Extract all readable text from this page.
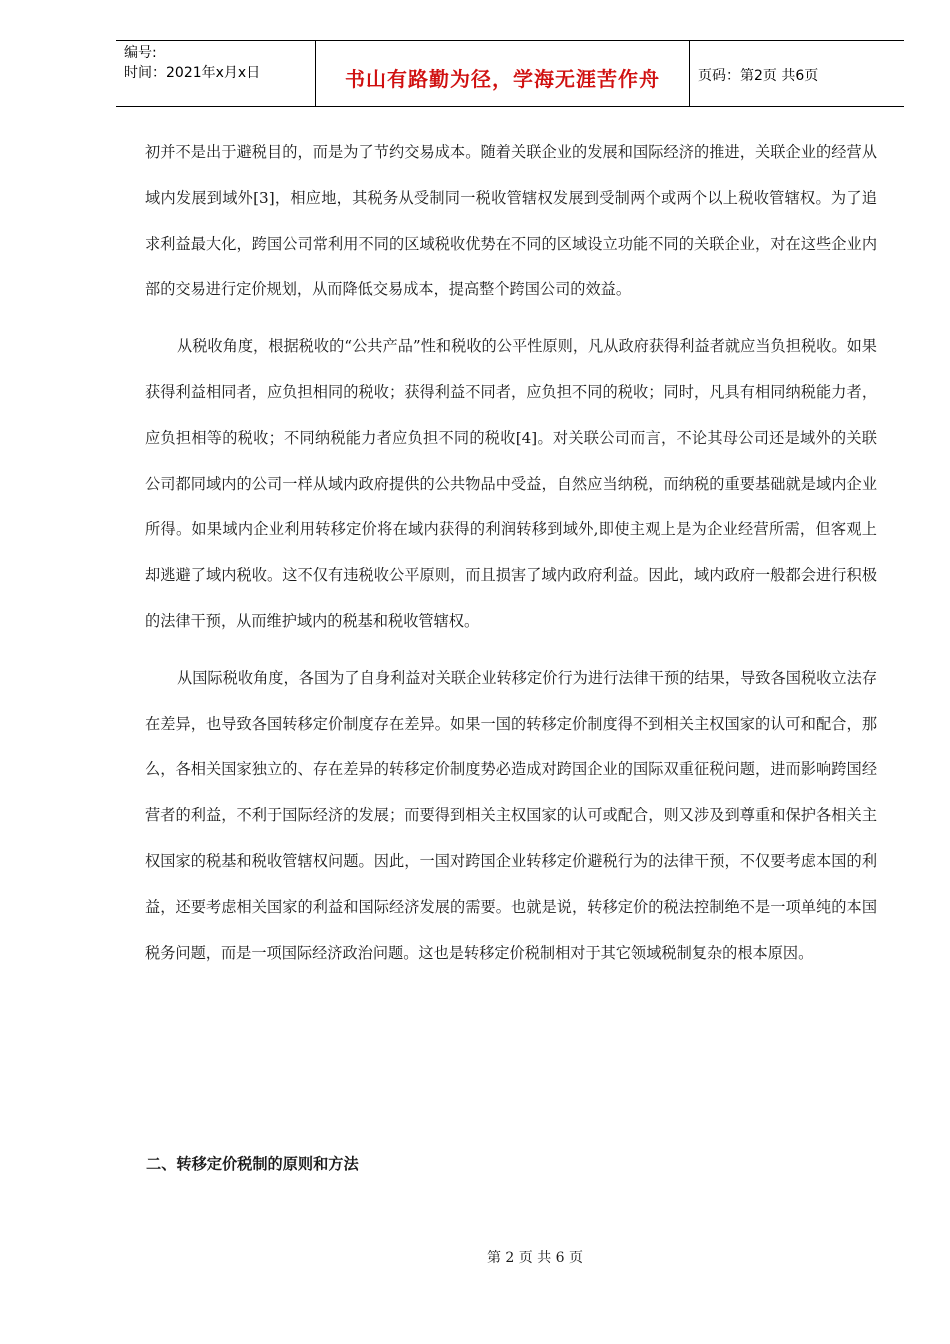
编号:
时间：2021年x月x日	书山有路勤为径，学海无涯苦作舟	页码：第2页 共6页

初并不是出于避税目的，而是为了节约交易成本。随着关联企业的发展和国际经济的推进，关联企业的经营从域内发展到域外[3]，相应地，其税务从受制同一税收管辖权发展到受制两个或两个以上税收管辖权。为了追求利益最大化，跨国公司常利用不同的区域税收优势在不同的区域设立功能不同的关联企业，对在这些企业内部的交易进行定价规划，从而降低交易成本，提高整个跨国公司的效益。

从税收角度，根据税收的“公共产品”性和税收的公平性原则，凡从政府获得利益者就应当负担税收。如果获得利益相同者，应负担相同的税收；获得利益不同者，应负担不同的税收；同时，凡具有相同纳税能力者，应负担相等的税收；不同纳税能力者应负担不同的税收[4]。对关联公司而言，不论其母公司还是域外的关联公司都同域内的公司一样从域内政府提供的公共物品中受益，自然应当纳税，而纳税的重要基础就是域内企业所得。如果域内企业利用转移定价将在域内获得的利润转移到域外,即使主观上是为企业经营所需，但客观上却逃避了域内税收。这不仅有违税收公平原则，而且损害了域内政府利益。因此，域内政府一般都会进行积极的法律干预，从而维护域内的税基和税收管辖权。

从国际税收角度，各国为了自身利益对关联企业转移定价行为进行法律干预的结果，导致各国税收立法存在差异，也导致各国转移定价制度存在差异。如果一国的转移定价制度得不到相关主权国家的认可和配合，那么，各相关国家独立的、存在差异的转移定价制度势必造成对跨国企业的国际双重征税问题，进而影响跨国经营者的利益，不利于国际经济的发展；而要得到相关主权国家的认可或配合，则又涉及到尊重和保护各相关主权国家的税基和税收管辖权问题。因此，一国对跨国企业转移定价避税行为的法律干预，不仅要考虑本国的利益，还要考虑相关国家的利益和国际经济发展的需要。也就是说，转移定价的税法控制绝不是一项单纯的本国税务问题，而是一项国际经济政治问题。这也是转移定价税制相对于其它领域税制复杂的根本原因。

二、转移定价税制的原则和方法
第 2 页 共 6 页
